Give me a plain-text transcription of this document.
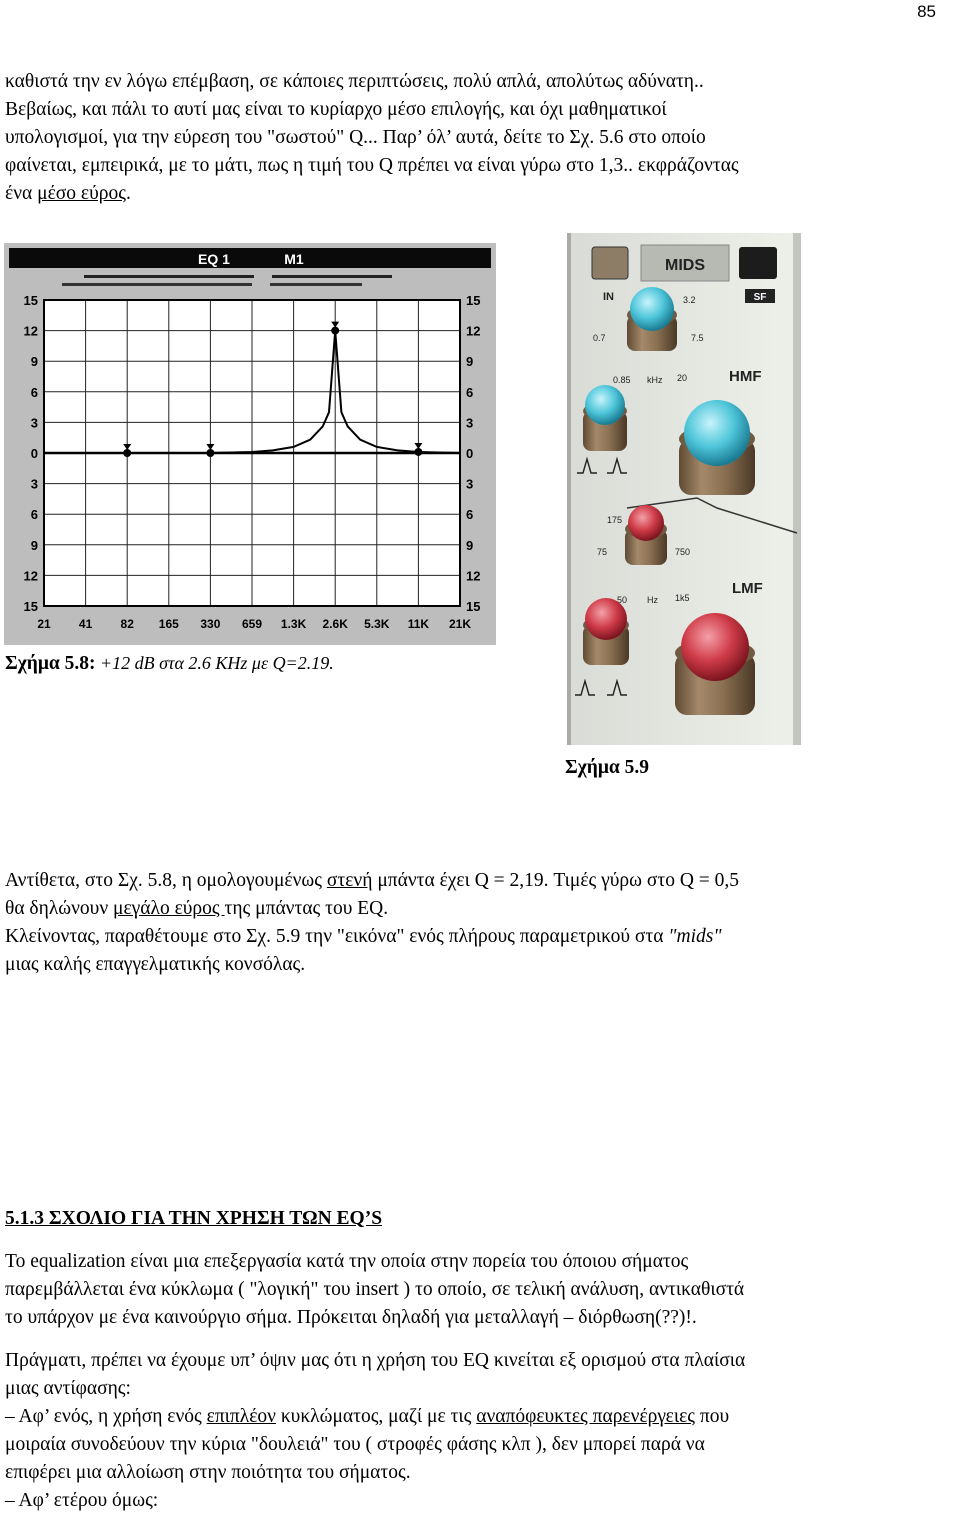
85

καθιστά την εν λόγω επέμβαση, σε κάποιες περιπτώσεις, πολύ απλά, απολύτως αδύνατη..
Βεβαίως, και πάλι το αυτί μας είναι το κυρίαρχο μέσο επιλογής, και όχι μαθηματικοί
υπολογισμοί, για την εύρεση του "σωστού" Q... Παρ’ όλ’ αυτά, δείτε το Σχ. 5.6 στο οποίο
φαίνεται, εμπειρικά, με το μάτι, πως η τιμή του Q πρέπει να είναι γύρω στο 1,3.. εκφράζοντας
ένα μέσο εύρος.

EQ 1	M1
15
12
9
6
3
0
3
6
9
12
15
15
12
9
6
3
0
3
6
9
12
15
21 41 82 165 330 659 1.3K 2.6K 5.3K 11K 21K
Σχήμα 5.8: +12 dB στα 2.6 KHz με Q=2.19.
MIDS
SF
IN	3.2
0.7	7.5
0.85 kHz 20	HMF
175
75	750
50 Hz 1k5
LMF
Σχήμα 5.9

Αντίθετα, στο Σχ. 5.8, η ομολογουμένως στενή μπάντα έχει Q = 2,19. Τιμές γύρω στο Q = 0,5
θα δηλώνουν μεγάλο εύρος της μπάντας του EQ.
Κλείνοντας, παραθέτουμε στο Σχ. 5.9 την "εικόνα" ενός πλήρους παραμετρικού στα "mids"
μιας καλής επαγγελματικής κονσόλας.

5.1.3 ΣΧΟΛΙΟ ΓΙΑ ΤΗΝ ΧΡΗΣΗ ΤΩΝ EQ’S

Το equalization είναι μια επεξεργασία κατά την οποία στην πορεία του όποιου σήματος
παρεμβάλλεται ένα κύκλωμα ( "λογική" του insert ) το οποίο, σε τελική ανάλυση, αντικαθιστά
το υπάρχον με ένα καινούργιο σήμα. Πρόκειται δηλαδή για μεταλλαγή – διόρθωση(??)!.

Πράγματι, πρέπει να έχουμε υπ’ όψιν μας ότι η χρήση του EQ κινείται εξ ορισμού στα πλαίσια
μιας αντίφασης:
– Αφ’ ενός, η χρήση ενός επιπλέον κυκλώματος, μαζί με τις αναπόφευκτες παρενέργειες που
μοιραία συνοδεύουν την κύρια "δουλειά" του ( στροφές φάσης κλπ ), δεν μπορεί παρά να
επιφέρει μια αλλοίωση στην ποιότητα του σήματος.
– Αφ’ ετέρου όμως:
